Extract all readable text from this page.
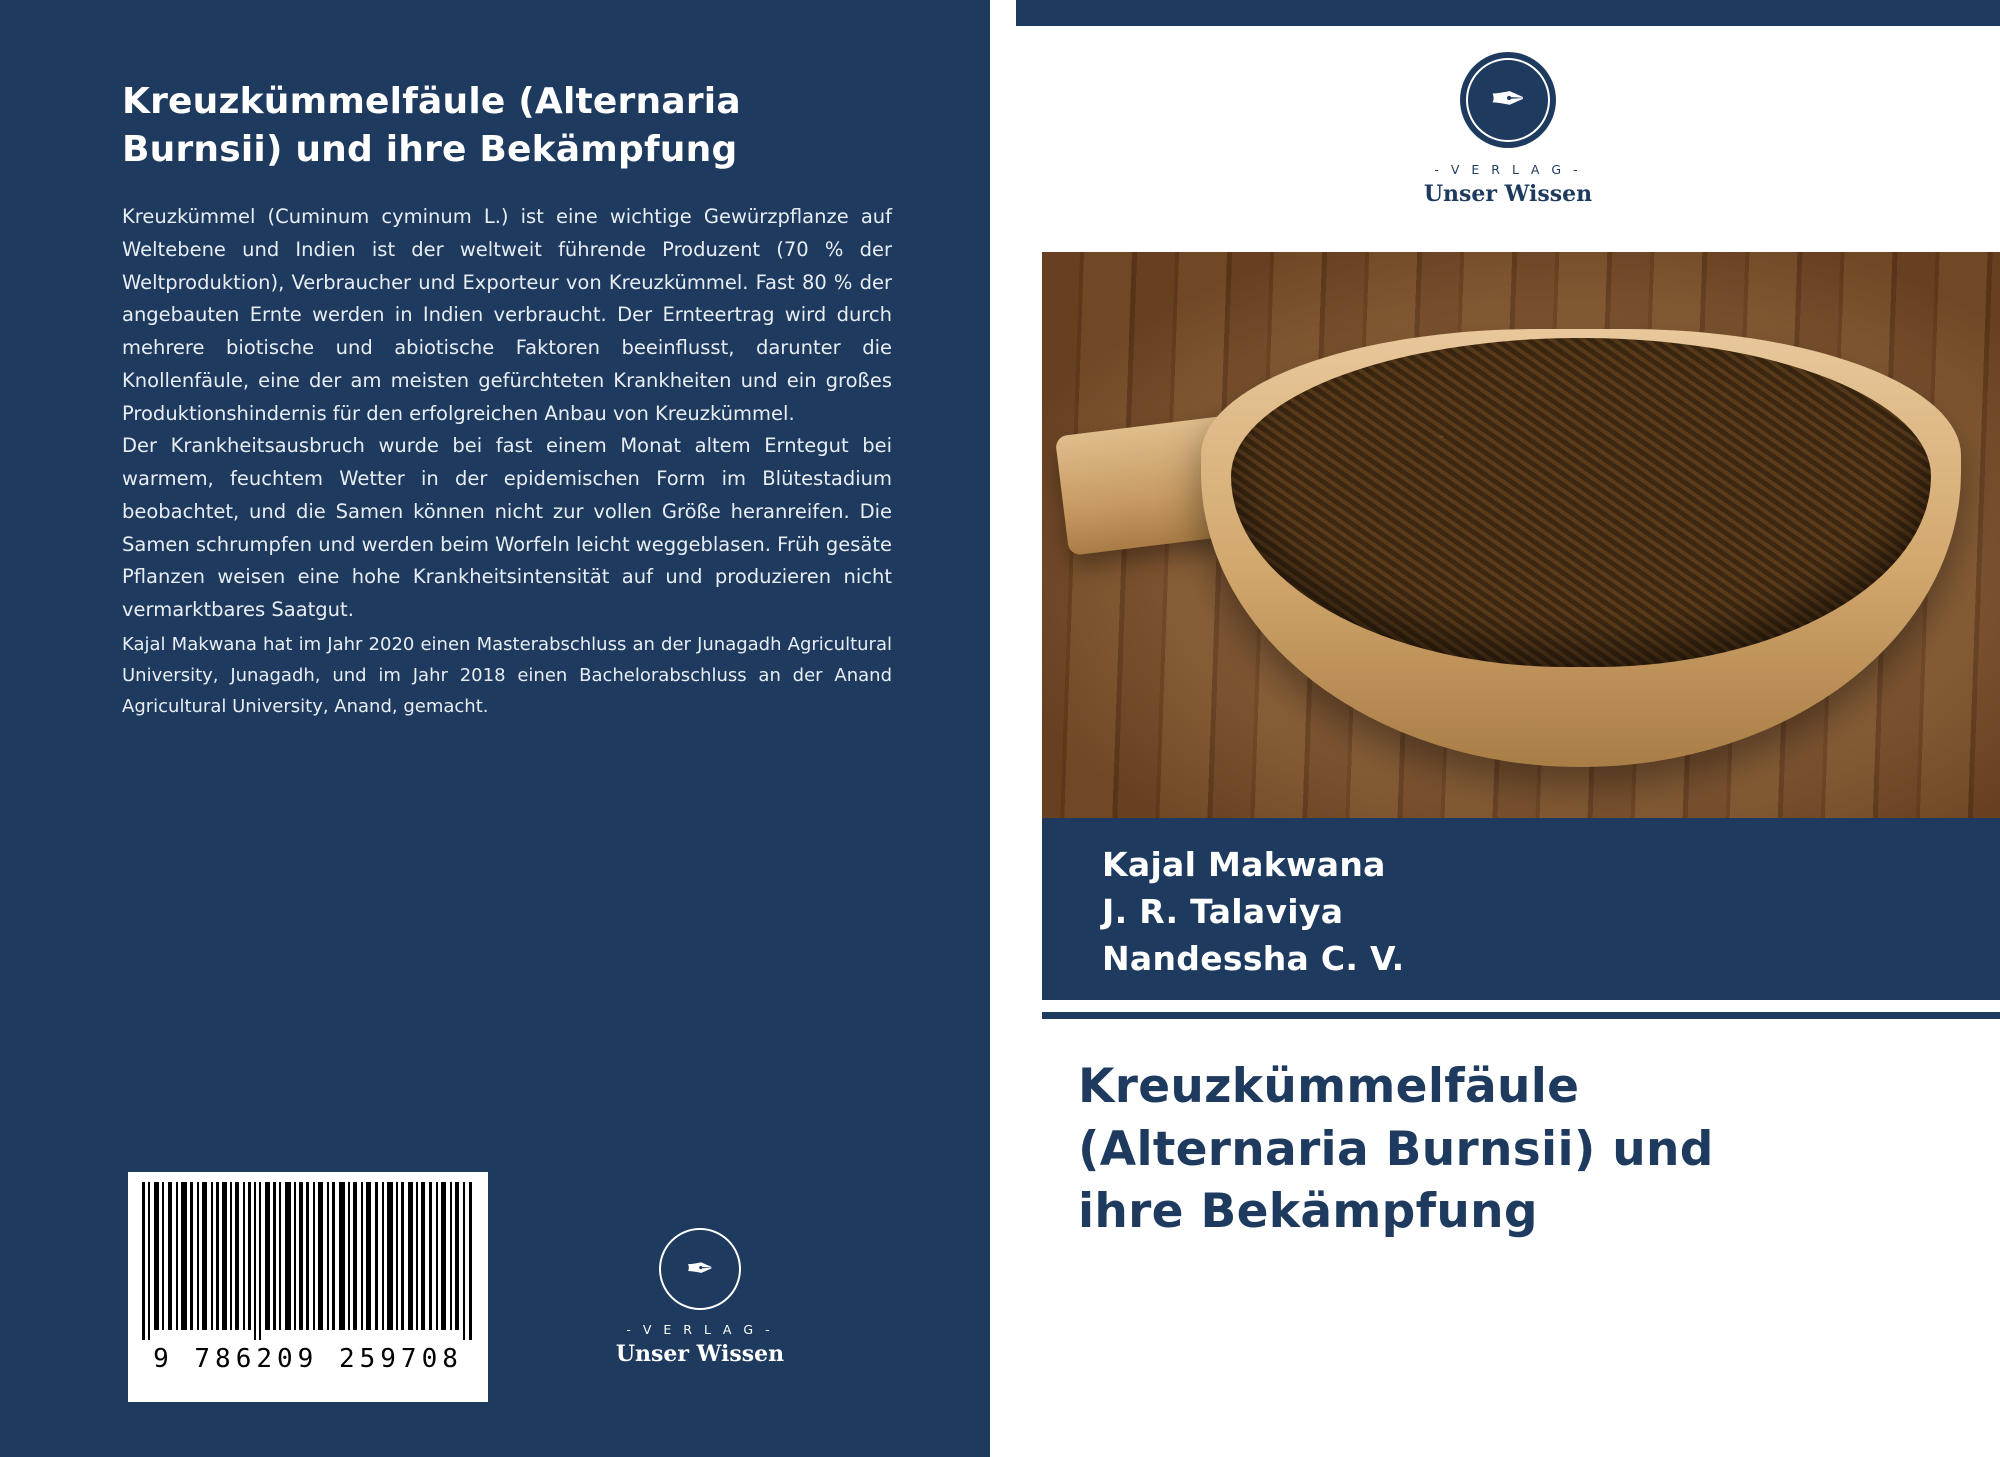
Kreuzkümmelfäule (Alternaria Burnsii) und ihre Bekämpfung

Kreuzkümmel (Cuminum cyminum L.) ist eine wichtige Gewürzpflanze auf Weltebene und Indien ist der weltweit führende Produzent (70 % der Weltproduktion), Verbraucher und Exporteur von Kreuzkümmel. Fast 80 % der angebauten Ernte werden in Indien verbraucht. Der Ernteertrag wird durch mehrere biotische und abiotische Faktoren beeinflusst, darunter die Knollenfäule, eine der am meisten gefürchteten Krankheiten und ein großes Produktionshindernis für den erfolgreichen Anbau von Kreuzkümmel.

Der Krankheitsausbruch wurde bei fast einem Monat altem Erntegut bei warmem, feuchtem Wetter in der epidemischen Form im Blütestadium beobachtet, und die Samen können nicht zur vollen Größe heranreifen. Die Samen schrumpfen und werden beim Worfeln leicht weggeblasen. Früh gesäte Pflanzen weisen eine hohe Krankheitsintensität auf und produzieren nicht vermarktbares Saatgut.

Kajal Makwana hat im Jahr 2020 einen Masterabschluss an der Junagadh Agricultural University, Junagadh, und im Jahr 2018 einen Bachelorabschluss an der Anand Agricultural University, Anand, gemacht.
9 786209 259708
✒
- V E R L A G -
Unser Wissen
✒
- V E R L A G -
Unser Wissen
Kajal Makwana
J. R. Talaviya
Nandessha C. V.
Kreuzkümmelfäule
(Alternaria Burnsii) und
ihre Bekämpfung
